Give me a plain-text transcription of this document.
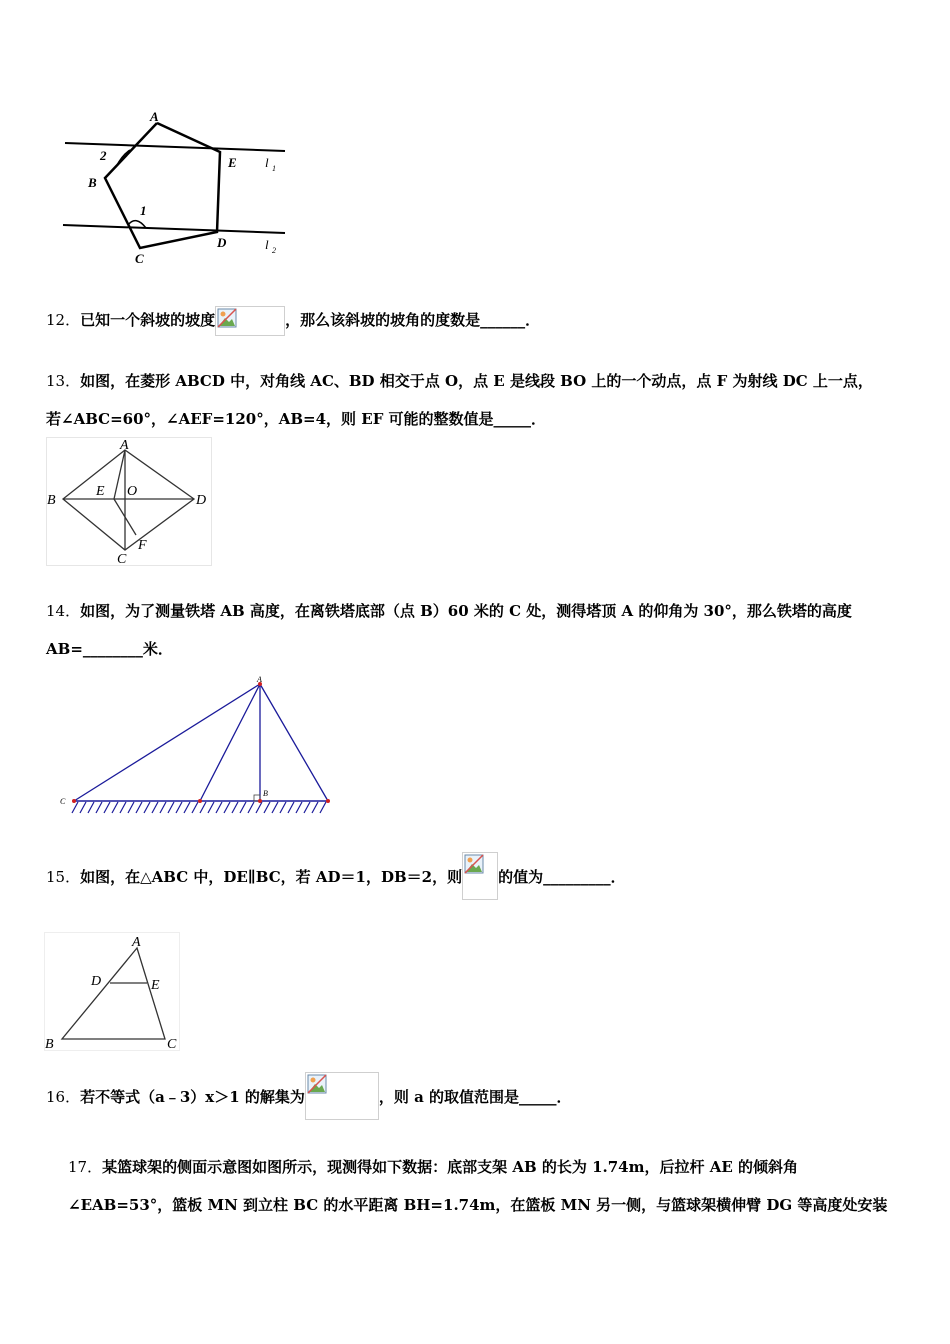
A
2
B
E l 1
1
C
D	l 2
12．已知一个斜坡的坡度	，那么该斜坡的坡角的度数是______．
13．如图，在菱形 ABCD 中，对角线 AC、BD 相交于点 O，点 E 是线段 BO 上的一个动点，点 F 为射线 DC 上一点，
若∠ABC=60°，∠AEF=120°，AB=4，则 EF 可能的整数值是_____．
A
B
E O
D
F
C
14．如图，为了测量铁塔 AB 高度，在离铁塔底部（点 B）60 米的 C 处，测得塔顶 A 的仰角为 30°，那么铁塔的高度
AB=________米．
A
B
C
15．如图，在△ABC 中，DE∥BC，若 AD＝1，DB＝2，则 的值为_________．
A
D	E
B	C
16．若不等式（a﹣3）x＞1 的解集为	，则 a 的取值范围是_____．
17．某篮球架的侧面示意图如图所示，现测得如下数据：底部支架 AB 的长为 1.74m，后拉杆 AE 的倾斜角
∠EAB=53°，篮板 MN 到立柱 BC 的水平距离 BH=1.74m，在篮板 MN 另一侧，与篮球架横伸臂 DG 等高度处安装
